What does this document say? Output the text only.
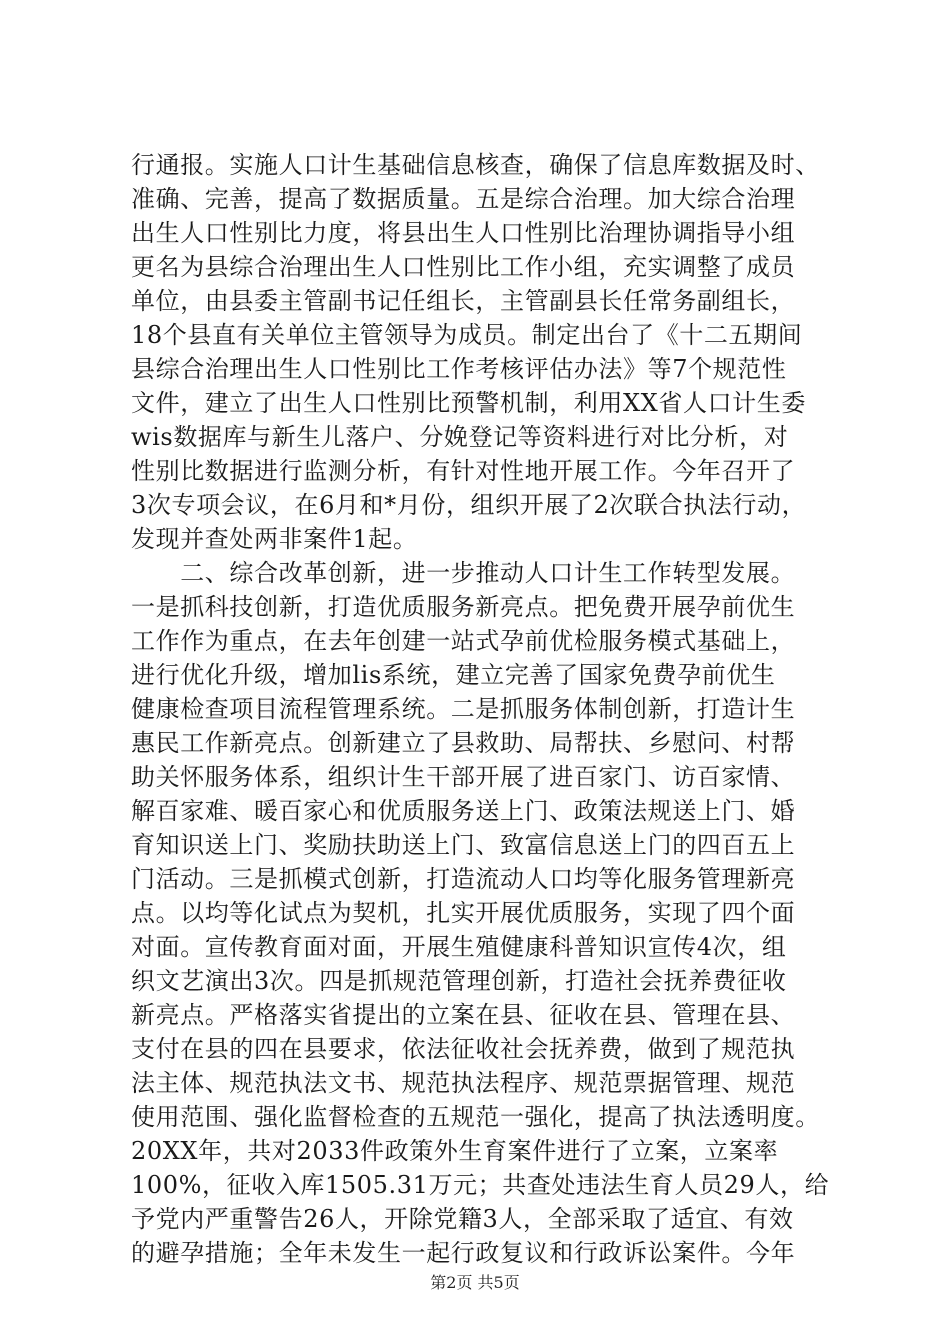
行通报。实施人口计生基础信息核查，确保了信息库数据及时、
准确、完善，提高了数据质量。五是综合治理。加大综合治理
出生人口性别比力度，将县出生人口性别比治理协调指导小组
更名为县综合治理出生人口性别比工作小组，充实调整了成员
单位，由县委主管副书记任组长，主管副县长任常务副组长，
18个县直有关单位主管领导为成员。制定出台了《十二五期间
县综合治理出生人口性别比工作考核评估办法》等7个规范性
文件，建立了出生人口性别比预警机制，利用XX省人口计生委
wis数据库与新生儿落户、分娩登记等资料进行对比分析，对
性别比数据进行监测分析，有针对性地开展工作。今年召开了
3次专项会议，在6月和*月份，组织开展了2次联合执法行动，
发现并查处两非案件1起。
　　二、综合改革创新，进一步推动人口计生工作转型发展。
一是抓科技创新，打造优质服务新亮点。把免费开展孕前优生
工作作为重点，在去年创建一站式孕前优检服务模式基础上，
进行优化升级，增加lis系统，建立完善了国家免费孕前优生
健康检查项目流程管理系统。二是抓服务体制创新，打造计生
惠民工作新亮点。创新建立了县救助、局帮扶、乡慰问、村帮
助关怀服务体系，组织计生干部开展了进百家门、访百家情、
解百家难、暖百家心和优质服务送上门、政策法规送上门、婚
育知识送上门、奖励扶助送上门、致富信息送上门的四百五上
门活动。三是抓模式创新，打造流动人口均等化服务管理新亮
点。以均等化试点为契机，扎实开展优质服务，实现了四个面
对面。宣传教育面对面，开展生殖健康科普知识宣传4次，组
织文艺演出3次。四是抓规范管理创新，打造社会抚养费征收
新亮点。严格落实省提出的立案在县、征收在县、管理在县、
支付在县的四在县要求，依法征收社会抚养费，做到了规范执
法主体、规范执法文书、规范执法程序、规范票据管理、规范
使用范围、强化监督检查的五规范一强化，提高了执法透明度。
20XX年，共对2033件政策外生育案件进行了立案，立案率
100%，征收入库1505.31万元；共查处违法生育人员29人，给
予党内严重警告26人，开除党籍3人，全部采取了适宜、有效
的避孕措施；全年未发生一起行政复议和行政诉讼案件。今年
第2页 共5页
